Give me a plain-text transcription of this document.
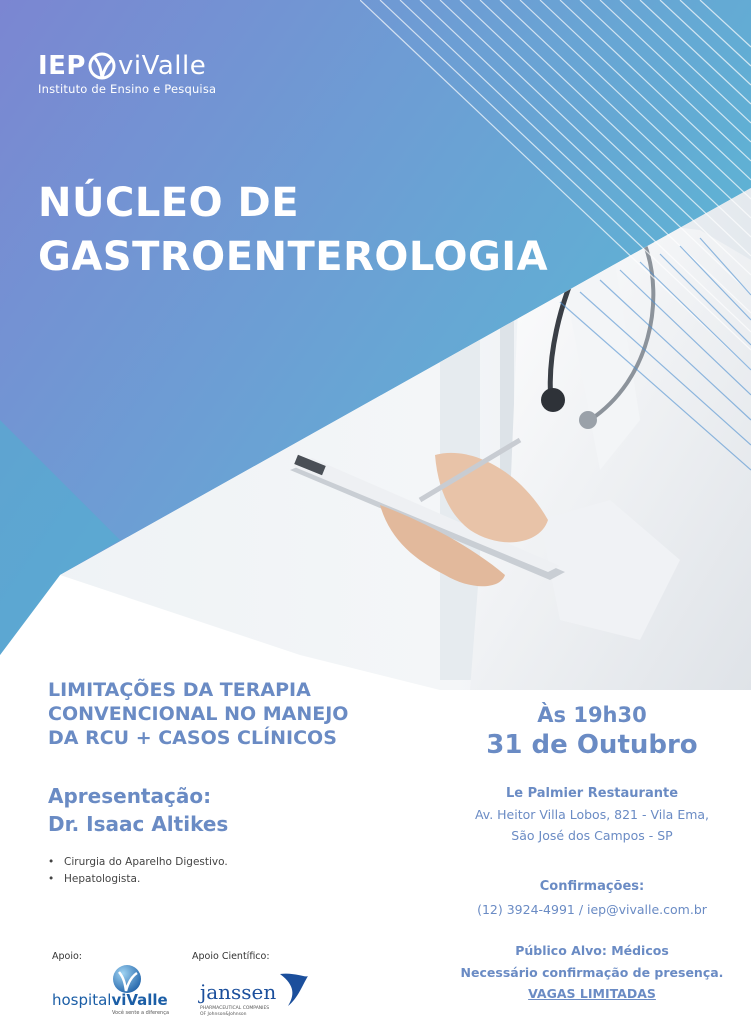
IEP viValle
Instituto de Ensino e Pesquisa
NÚCLEO DE
GASTROENTEROLOGIA
LIMITAÇÕES DA TERAPIA
CONVENCIONAL NO MANEJO
DA RCU + CASOS CLÍNICOS
Apresentação:
Dr. Isaac Altikes
• Cirurgia do Aparelho Digestivo.
• Hepatologista.
Às 19h30
31 de Outubro
Le Palmier Restaurante
Av. Heitor Villa Lobos, 821 - Vila Ema,
São José dos Campos - SP
Confirmações:
(12) 3924-4991 / iep@vivalle.com.br
Público Alvo: Médicos
Necessário confirmação de presença.
VAGAS LIMITADAS
Apoio:	Apoio Científico:
hospitalviValle
Você sente a diferença
janssen
PHARMACEUTICAL COMPANIES
OF Johnson&Johnson
